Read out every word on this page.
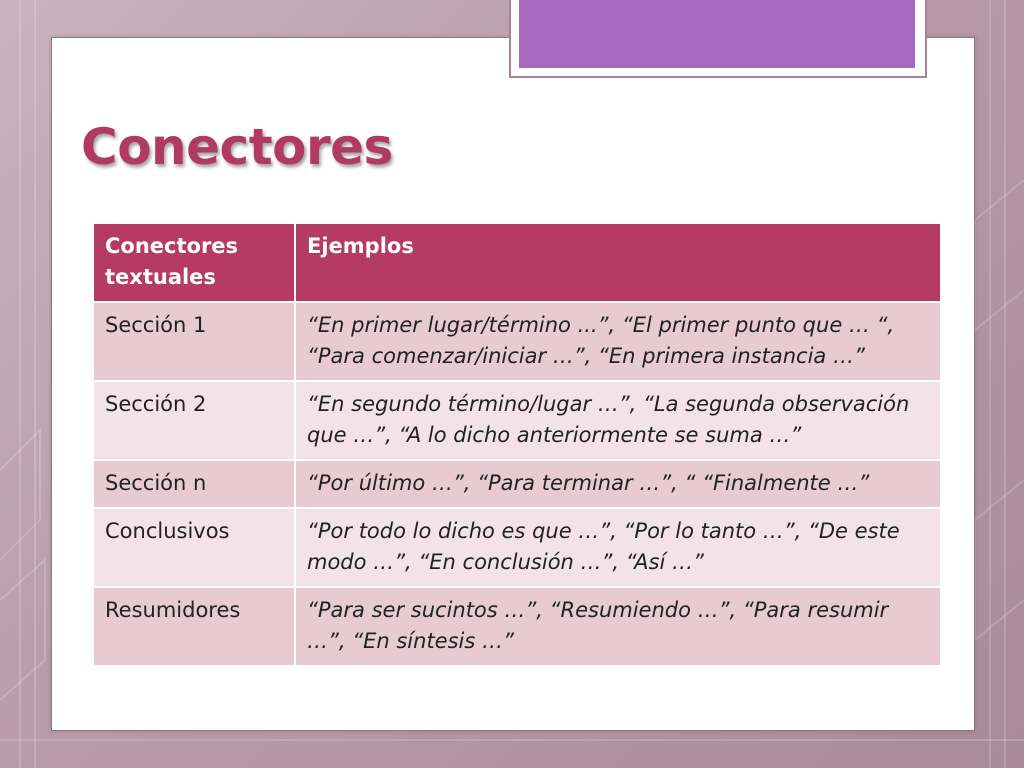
Conectores
Conectores textuales	Ejemplos
Sección 1	“En primer lugar/término ...”, “El primer punto que … “, “Para comenzar/iniciar …”, “En primera instancia …”
Sección 2	“En segundo término/lugar …”, “La segunda observación que …”, “A lo dicho anteriormente se suma …”
Sección n	“Por último …”, “Para terminar …”, “ “Finalmente …”
Conclusivos	“Por todo lo dicho es que …”, “Por lo tanto …”, “De este modo …”, “En conclusión …”, “Así …”
Resumidores	“Para ser sucintos …”, “Resumiendo …”, “Para resumir …”, “En síntesis …”
